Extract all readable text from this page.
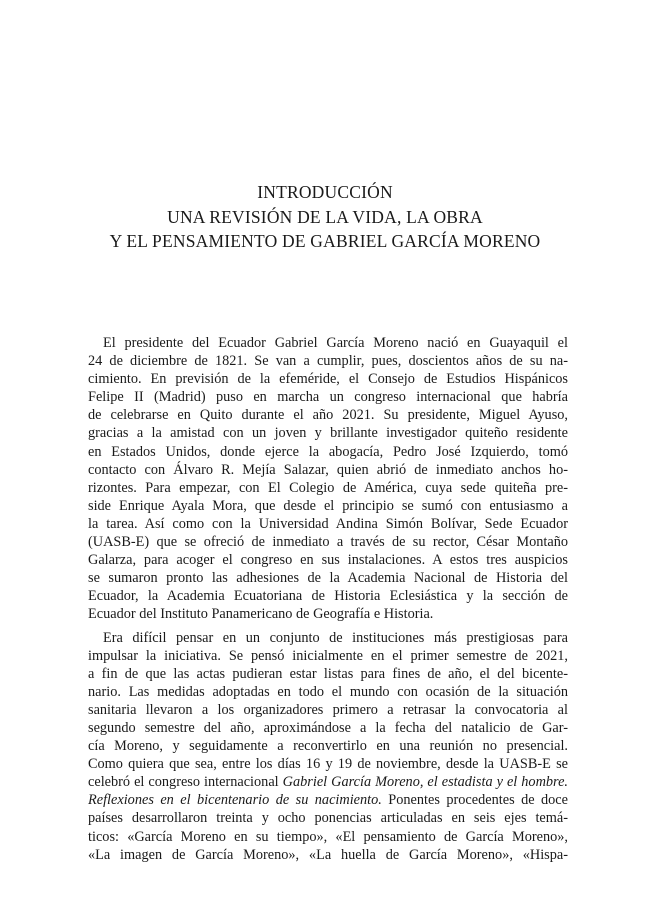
INTRODUCCIÓN
UNA REVISIÓN DE LA VIDA, LA OBRA
Y EL PENSAMIENTO DE GABRIEL GARCÍA MORENO
El presidente del Ecuador Gabriel García Moreno nació en Guayaquil el
24 de diciembre de 1821. Se van a cumplir, pues, doscientos años de su na-
cimiento. En previsión de la efeméride, el Consejo de Estudios Hispánicos
Felipe II (Madrid) puso en marcha un congreso internacional que habría
de celebrarse en Quito durante el año 2021. Su presidente, Miguel Ayuso,
gracias a la amistad con un joven y brillante investigador quiteño residente
en Estados Unidos, donde ejerce la abogacía, Pedro José Izquierdo, tomó
contacto con Álvaro R. Mejía Salazar, quien abrió de inmediato anchos ho-
rizontes. Para empezar, con El Colegio de América, cuya sede quiteña pre-
side Enrique Ayala Mora, que desde el principio se sumó con entusiasmo a
la tarea. Así como con la Universidad Andina Simón Bolívar, Sede Ecuador
(UASB-E) que se ofreció de inmediato a través de su rector, César Montaño
Galarza, para acoger el congreso en sus instalaciones. A estos tres auspicios
se sumaron pronto las adhesiones de la Academia Nacional de Historia del
Ecuador, la Academia Ecuatoriana de Historia Eclesiástica y la sección de
Ecuador del Instituto Panamericano de Geografía e Historia.
Era difícil pensar en un conjunto de instituciones más prestigiosas para
impulsar la iniciativa. Se pensó inicialmente en el primer semestre de 2021,
a fin de que las actas pudieran estar listas para fines de año, el del bicente-
nario. Las medidas adoptadas en todo el mundo con ocasión de la situación
sanitaria llevaron a los organizadores primero a retrasar la convocatoria al
segundo semestre del año, aproximándose a la fecha del natalicio de Gar-
cía Moreno, y seguidamente a reconvertirlo en una reunión no presencial.
Como quiera que sea, entre los días 16 y 19 de noviembre, desde la UASB-E se
celebró el congreso internacional Gabriel García Moreno, el estadista y el hombre.
Reflexiones en el bicentenario de su nacimiento. Ponentes procedentes de doce
países desarrollaron treinta y ocho ponencias articuladas en seis ejes temá-
ticos: «García Moreno en su tiempo», «El pensamiento de García Moreno»,
«La imagen de García Moreno», «La huella de García Moreno», «Hispa-
